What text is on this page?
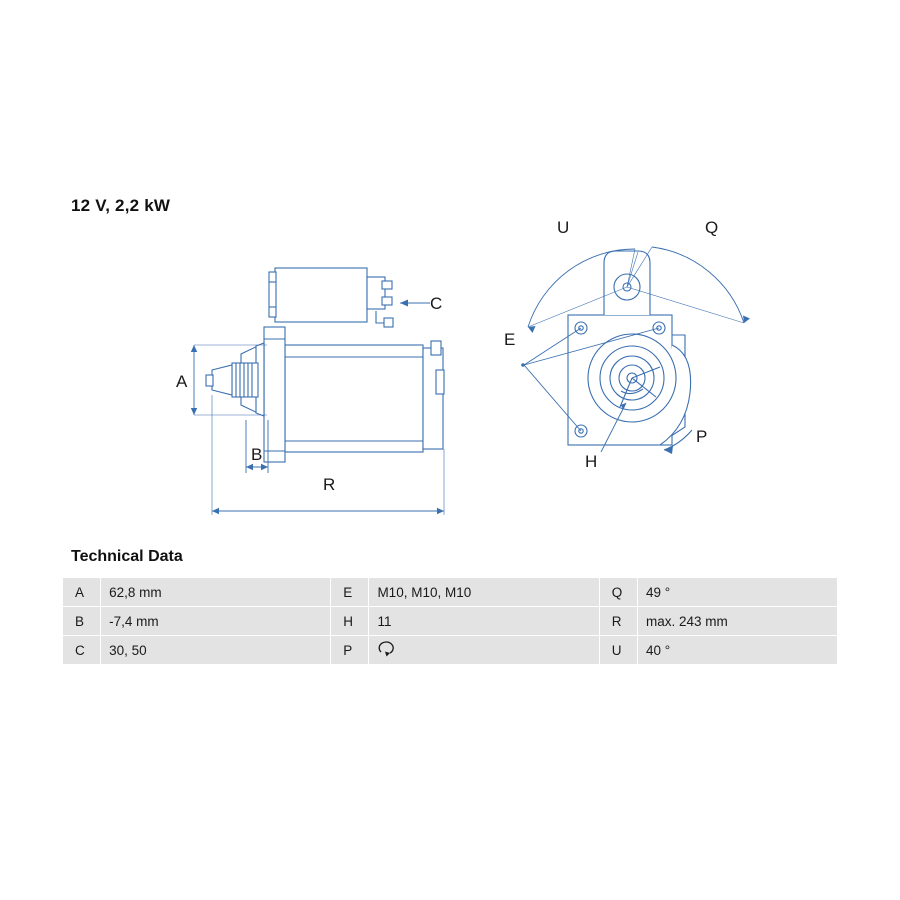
12 V, 2,2 kW
A
B
C
R
E
H
P
Q
U
Technical Data
A	62,8 mm	E	M10, M10, M10	Q	49 °
B	-7,4 mm	H	11	R	max. 243 mm
C	30, 50	P		U	40 °
